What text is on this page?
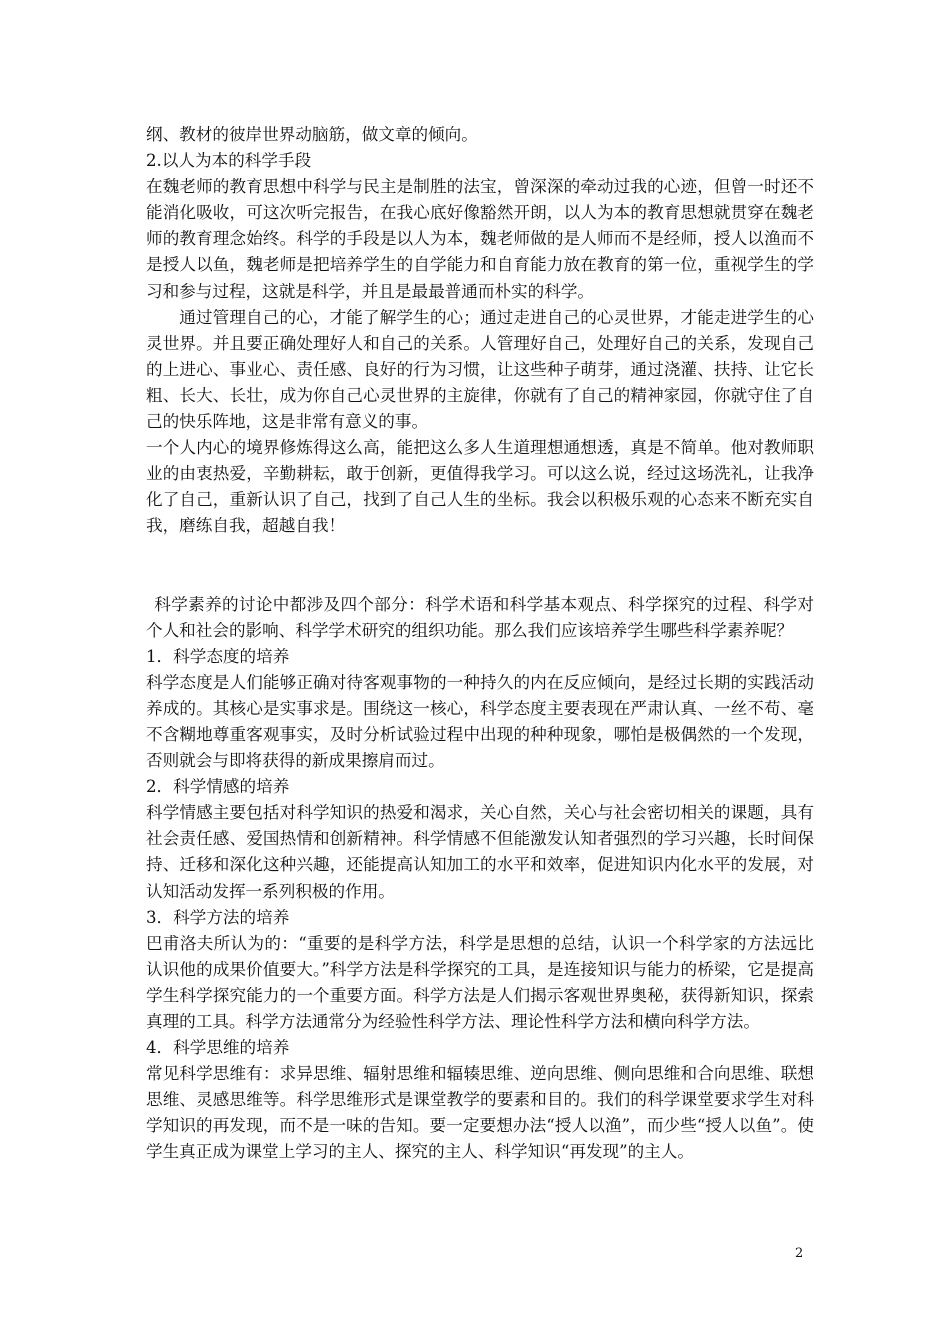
纲、教材的彼岸世界动脑筋，做文章的倾向。

2.以人为本的科学手段

在魏老师的教育思想中科学与民主是制胜的法宝，曾深深的牵动过我的心迹，但曾一时还不能消化吸收，可这次听完报告，在我心底好像豁然开朗，以人为本的教育思想就贯穿在魏老师的教育理念始终。科学的手段是以人为本，魏老师做的是人师而不是经师，授人以渔而不是授人以鱼，魏老师是把培养学生的自学能力和自育能力放在教育的第一位，重视学生的学习和参与过程，这就是科学，并且是最最普通而朴实的科学。

通过管理自己的心，才能了解学生的心；通过走进自己的心灵世界，才能走进学生的心灵世界。并且要正确处理好人和自己的关系。人管理好自己，处理好自己的关系，发现自己的上进心、事业心、责任感、良好的行为习惯，让这些种子萌芽，通过浇灌、扶持、让它长粗、长大、长壮，成为你自己心灵世界的主旋律，你就有了自己的精神家园，你就守住了自己的快乐阵地，这是非常有意义的事。

一个人内心的境界修炼得这么高，能把这么多人生道理想通想透，真是不简单。他对教师职业的由衷热爱，辛勤耕耘，敢于创新，更值得我学习。可以这么说，经过这场洗礼，让我净化了自己，重新认识了自己，找到了自己人生的坐标。我会以积极乐观的心态来不断充实自我，磨练自我，超越自我！

科学素养的讨论中都涉及四个部分：科学术语和科学基本观点、科学探究的过程、科学对个人和社会的影响、科学学术研究的组织功能。那么我们应该培养学生哪些科学素养呢？

1．科学态度的培养

科学态度是人们能够正确对待客观事物的一种持久的内在反应倾向，是经过长期的实践活动养成的。其核心是实事求是。围绕这一核心，科学态度主要表现在严肃认真、一丝不苟、毫不含糊地尊重客观事实，及时分析试验过程中出现的种种现象，哪怕是极偶然的一个发现，否则就会与即将获得的新成果擦肩而过。

2．科学情感的培养

科学情感主要包括对科学知识的热爱和渴求，关心自然，关心与社会密切相关的课题，具有社会责任感、爱国热情和创新精神。科学情感不但能激发认知者强烈的学习兴趣，长时间保持、迁移和深化这种兴趣，还能提高认知加工的水平和效率，促进知识内化水平的发展，对认知活动发挥一系列积极的作用。

3．科学方法的培养

巴甫洛夫所认为的：“重要的是科学方法，科学是思想的总结，认识一个科学家的方法远比认识他的成果价值要大。”科学方法是科学探究的工具，是连接知识与能力的桥梁，它是提高学生科学探究能力的一个重要方面。科学方法是人们揭示客观世界奥秘，获得新知识，探索真理的工具。科学方法通常分为经验性科学方法、理论性科学方法和横向科学方法。

4．科学思维的培养

常见科学思维有：求异思维、辐射思维和辐辏思维、逆向思维、侧向思维和合向思维、联想思维、灵感思维等。科学思维形式是课堂教学的要素和目的。我们的科学课堂要求学生对科学知识的再发现，而不是一味的告知。要一定要想办法“授人以渔”，而少些“授人以鱼”。使学生真正成为课堂上学习的主人、探究的主人、科学知识“再发现”的主人。

2
